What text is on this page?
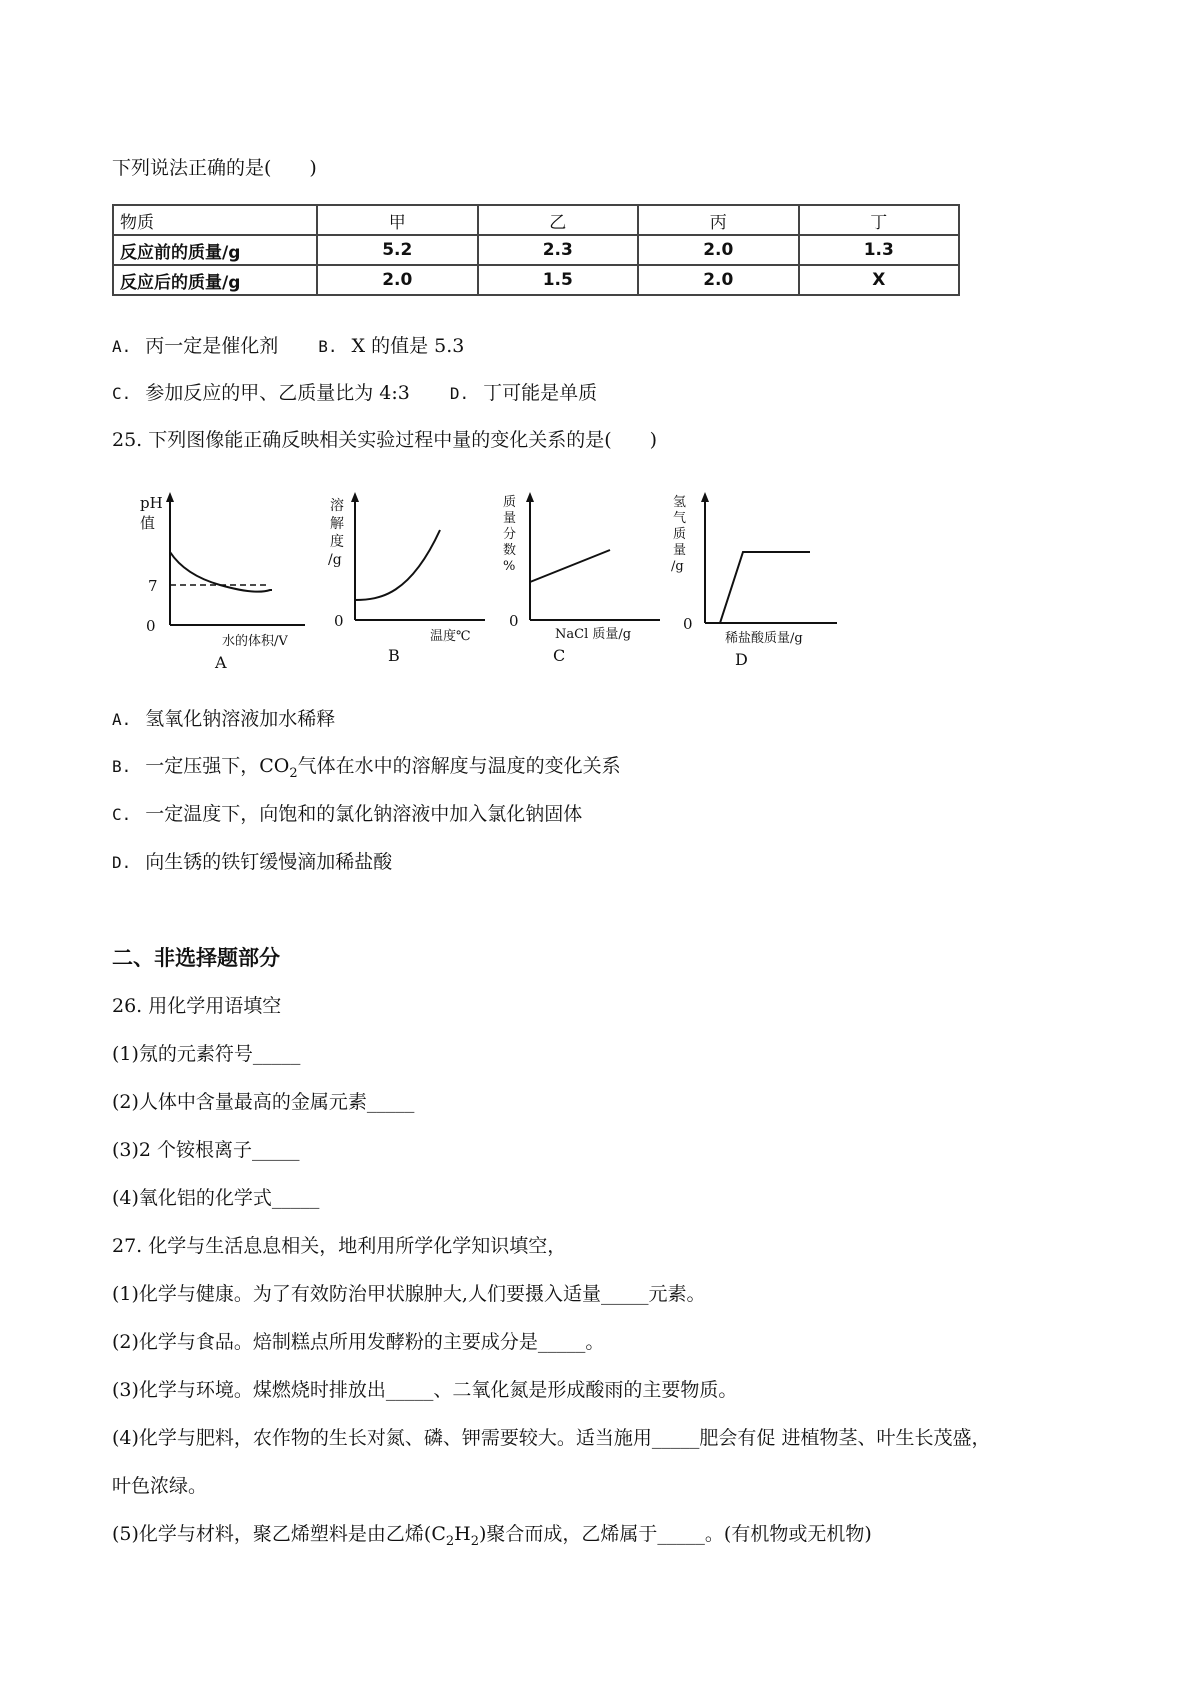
下列说法正确的是(　　)
物质	甲	乙	丙	丁
反应前的质量/g	5.2	2.3	2.0	1.3
反应后的质量/g	2.0	1.5	2.0	X
A. 丙一定是催化剂	B. X 的值是 5.3
C. 参加反应的甲、乙质量比为 4:3	D. 丁可能是单质
25. 下列图像能正确反映相关实验过程中量的变化关系的是(　　)
pH
值
7
0
水的体积/V
A
溶
解
度
/g
0
温度℃
B
质
量
分
数
%
0
NaCl 质量/g
C
氢
气
质
量
/g
0
稀盐酸质量/g
D
A. 氢氧化钠溶液加水稀释
B. 一定压强下，$CO_2$气体在水中的溶解度与温度的变化关系
C. 一定温度下，向饱和的氯化钠溶液中加入氯化钠固体
D. 向生锈的铁钉缓慢滴加稀盐酸
二、非选择题部分
26. 用化学用语填空
(1)氖的元素符号_____
(2)人体中含量最高的金属元素_____
(3)2 个铵根离子_____
(4)氧化铝的化学式_____
27. 化学与生活息息相关，地利用所学化学知识填空，
(1)化学与健康。为了有效防治甲状腺肿大,人们要摄入适量_____元素。
(2)化学与食品。焙制糕点所用发酵粉的主要成分是_____。
(3)化学与环境。煤燃烧时排放出_____、二氧化氮是形成酸雨的主要物质。
(4)化学与肥料，农作物的生长对氮、磷、钾需要较大。适当施用_____肥会有促 进植物茎、叶生长茂盛，
叶色浓绿。
(5)化学与材料，聚乙烯塑料是由乙烯$(C_2H_2)$聚合而成，乙烯属于_____。(有机物或无机物)
